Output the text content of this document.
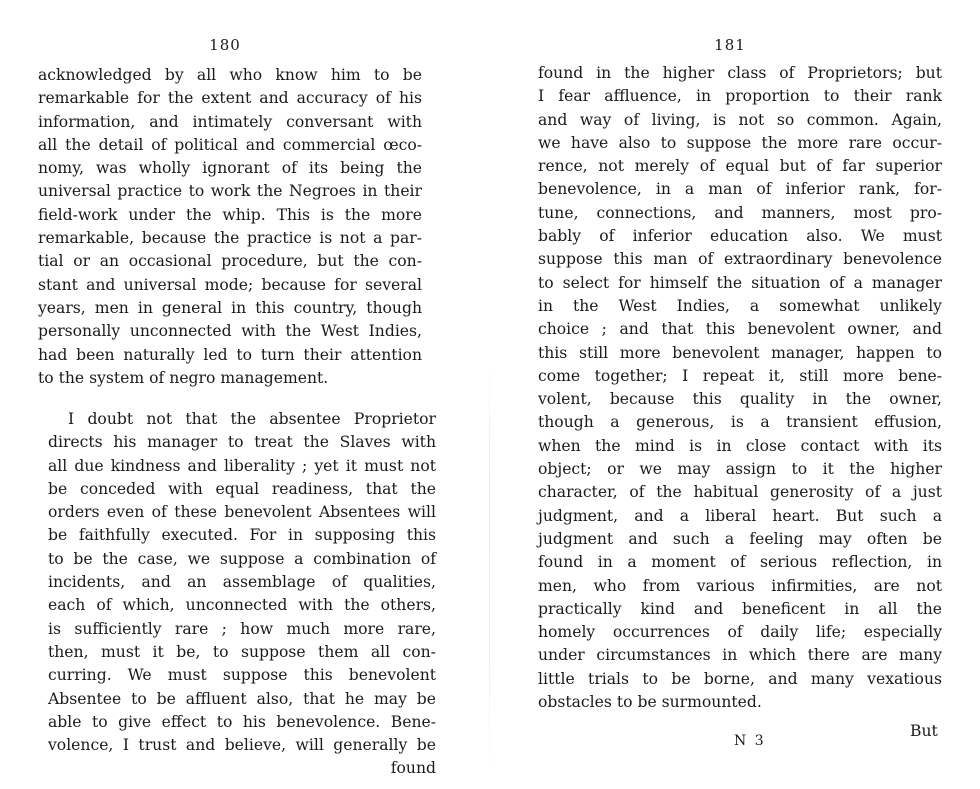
180
acknowledged by all who know him to be
remarkable for the extent and accuracy of his
information, and intimately conversant with
all the detail of political and commercial œco-
nomy, was wholly ignorant of its being the
universal practice to work the Negroes in their
field-work under the whip. This is the more
remarkable, because the practice is not a par-
tial or an occasional procedure, but the con-
stant and universal mode; because for several
years, men in general in this country, though
personally unconnected with the West Indies,
had been naturally led to turn their attention
to the system of negro management.
I doubt not that the absentee Proprietor
directs his manager to treat the Slaves with
all due kindness and liberality ; yet it must not
be conceded with equal readiness, that the
orders even of these benevolent Absentees will
be faithfully executed. For in supposing this
to be the case, we suppose a combination of
incidents, and an assemblage of qualities,
each of which, unconnected with the others,
is sufficiently rare ; how much more rare,
then, must it be, to suppose them all con-
curring. We must suppose this benevolent
Absentee to be affluent also, that he may be
able to give effect to his benevolence. Bene-
volence, I trust and believe, will generally be
found
181
found in the higher class of Proprietors; but
I fear affluence, in proportion to their rank
and way of living, is not so common. Again,
we have also to suppose the more rare occur-
rence, not merely of equal but of far superior
benevolence, in a man of inferior rank, for-
tune, connections, and manners, most pro-
bably of inferior education also. We must
suppose this man of extraordinary benevolence
to select for himself the situation of a manager
in the West Indies, a somewhat unlikely
choice ; and that this benevolent owner, and
this still more benevolent manager, happen to
come together; I repeat it, still more bene-
volent, because this quality in the owner,
though a generous, is a transient effusion,
when the mind is in close contact with its
object; or we may assign to it the higher
character, of the habitual generosity of a just
judgment, and a liberal heart. But such a
judgment and such a feeling may often be
found in a moment of serious reflection, in
men, who from various infirmities, are not
practically kind and beneficent in all the
homely occurrences of daily life; especially
under circumstances in which there are many
little trials to be borne, and many vexatious
obstacles to be surmounted.
N 3
But
